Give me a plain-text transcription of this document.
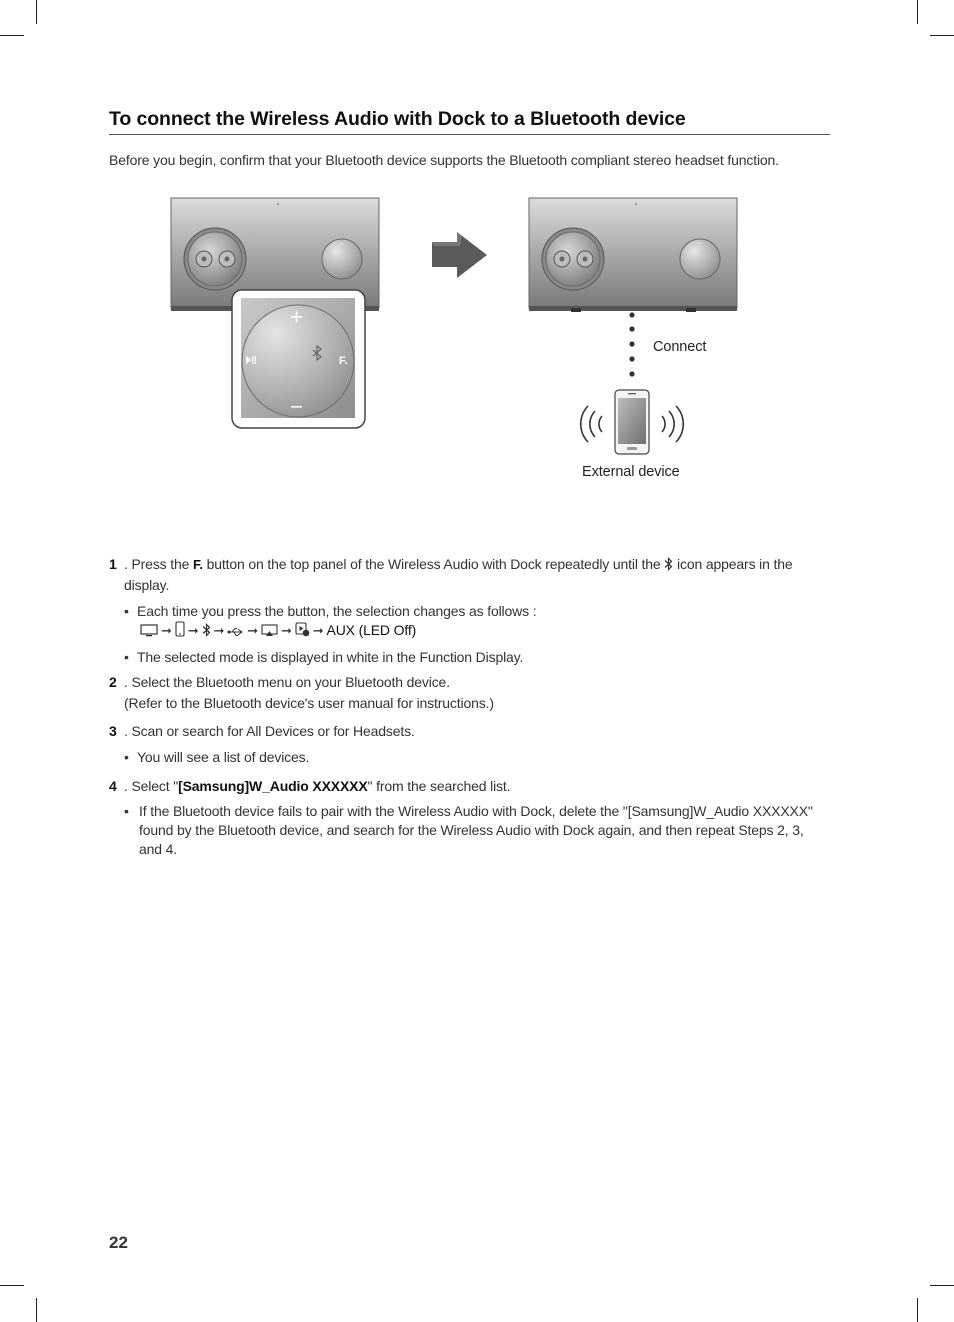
To connect the Wireless Audio with Dock to a Bluetooth device
Before you begin, confirm that your Bluetooth device supports the Bluetooth compliant stereo headset function.
+
▲
F.
+
▲
Connect
External device
1 . Press the F. button on the top panel of the Wireless Audio with Dock repeatedly until the  icon appears in the display.
• Each time you press the button, the selection changes as follows :
➞ ➞ ➞ ➞ ➞ ➞ AUX (LED Off)
• The selected mode is displayed in white in the Function Display.
2 . Select the Bluetooth menu on your Bluetooth device.
(Refer to the Bluetooth device's user manual for instructions.)
3 . Scan or search for All Devices or for Headsets.
• You will see a list of devices.
4 . Select "[Samsung]W_Audio XXXXXX" from the searched list.
• If the Bluetooth device fails to pair with the Wireless Audio with Dock, delete the "[Samsung]W_Audio XXXXXX" found by the Bluetooth device, and search for the Wireless Audio with Dock again, and then repeat Steps 2, 3, and 4.
22
